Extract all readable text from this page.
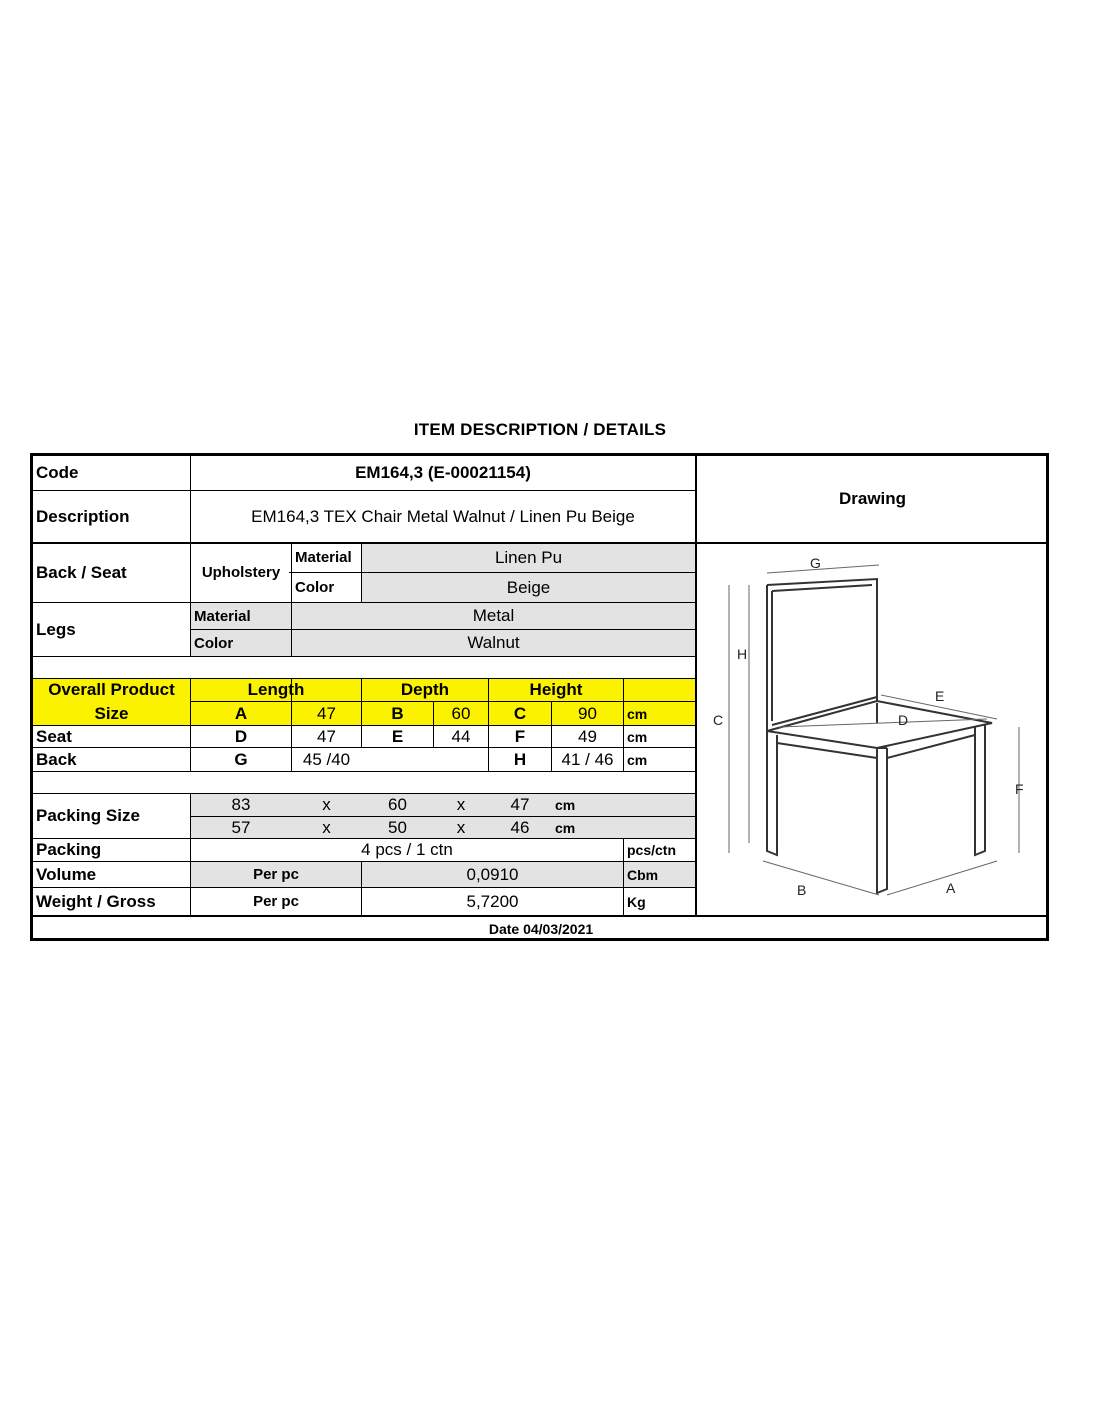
ITEM DESCRIPTION / DETAILS
Code	EM164,3 (E-00021154)
Description	EM164,3 TEX Chair Metal Walnut / Linen Pu Beige
Drawing
Back / Seat	Upholstery
Material	Linen Pu
Color	Beige
Legs
Material	Metal
Color	Walnut
Overall Product
Size
Length	Depth	Height
A	47	B	60	C	90	cm
Seat	D	47	E	44	F	49	cm
Back	G	45 /40	H	41 / 46 cm
Packing Size
83	x	60	x	47	cm
57	x	50	x	46	cm
Packing	4 pcs / 1 ctn	pcs/ctn
Volume	Per pc	0,0910	Cbm
Weight / Gross	Per pc	5,7200	Kg
Date 04/03/2021
G
H
C
E
D
F
B	A
